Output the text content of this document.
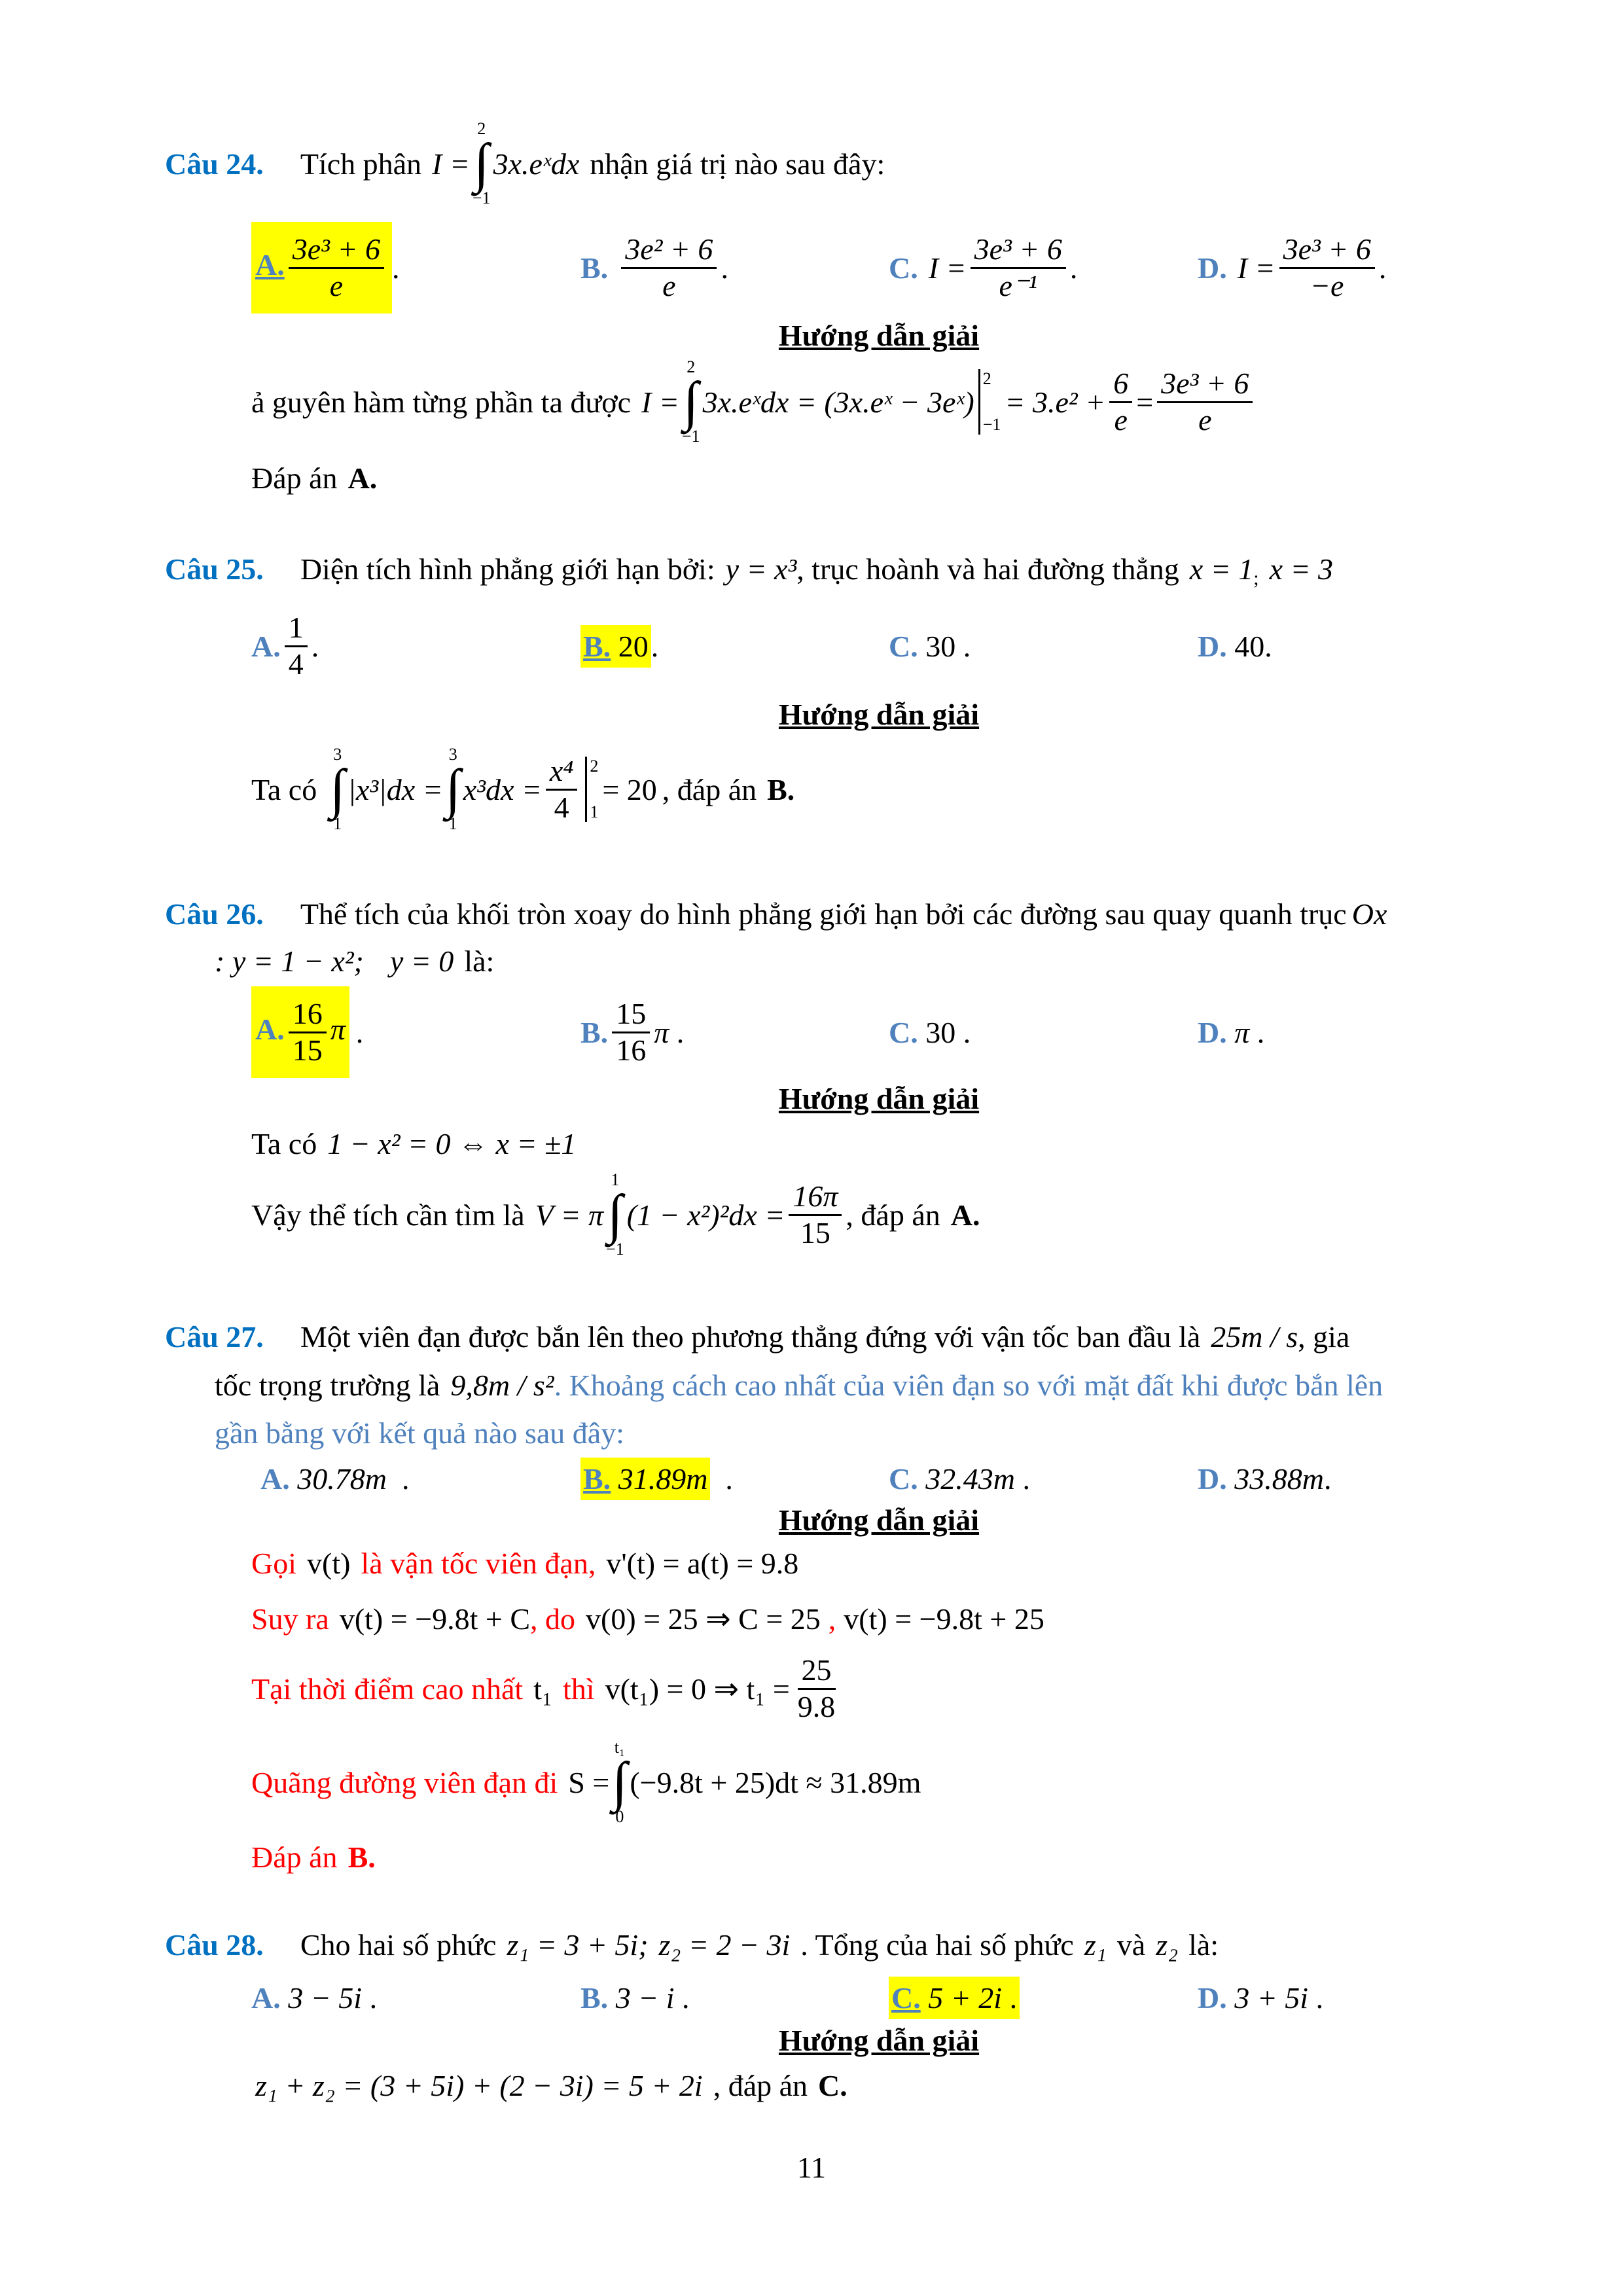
Câu 24. Tích phân I =
2
∫
−1
3x.eˣdx nhận giá trị nào sau đây:
A. $\frac{\text{3e³ + 6}}{e}$ .	B. $\frac{\text{3e² + 6}}{e}$ .	C. $I = \frac{\text{3e³ + 6}}{\text{e⁻¹}}$ .	D. $I = \frac{\text{3e³ + 6}}{-e}$ .
Hướng dẫn giải
ả guyên hàm từng phần ta được I =
2
∫
−1
3x.eˣdx = (3x.eˣ − 3eˣ)
2
−1
= $3.e^2 + \frac{6}{e} = \frac{\text{3e³ + 6}}{e}$
Đáp án A.
Câu 25. Diện tích hình phẳng giới hạn bởi: y = x³ , trục hoành và hai đường thẳng x = 1 ; x = 3
A. $\frac{1}{4}$ .	B. 20 .	C.
30
.	D.
40 .
Hướng dẫn giải
Ta có
3
∫
1
|x³|dx =
3
∫
1
$x^3dx = \frac{\text{x⁴}}{4} 2$
1
= 20 , đáp án B.
Câu 26. Thể tích của khối tròn xoay do hình phẳng giới hạn bởi các đường sau quay quanh trục Ox
: y = 1 − x²; y = 0 là:
A. $\frac{16}{15}$ π .	B. $\frac{15}{16}$ π
.	C.
30
.	D.
π
.
Hướng dẫn giải
Ta có 1 − x² = 0 ⇔ x = ±1
Vậy thể tích cần tìm là V = π
1
∫
−1
$(1 - x^2)^2dx = \frac{16\pi}{15}$ , đáp án A.
Câu 27. Một viên đạn được bắn lên theo phương thẳng đứng với vận tốc ban đầu là 25m / s , gia
tốc trọng trường là 9,8m / s² . Khoảng cách cao nhất của viên đạn so với mặt đất khi được bắn lên
gần bằng với kết quả nào sau đây:
A.
30.78m
.	B. 31.89m
.	C.
32.43m
.	D.
33.88m .
Hướng dẫn giải
Gọi v(t) là vận tốc viên đạn, v'(t) = a(t) = 9.8
Suy ra v(t) = −9.8t + C , do v(0) = 25 ⇒ C = 25 , v(t) = −9.8t + 25
Tại thời điểm cao nhất t₁ thì v(t₁) = 0 ⇒ $t_1 = \frac{25}{9.8}$
Quãng đường viên đạn đi S =
t₁
∫
0
(−9.8t + 25)dt ≈ 31.89m
Đáp án B.
Câu 28. Cho hai số phức z₁ = 3 + 5i; z₂ = 2 − 3i . Tổng của hai số phức z₁ và z₂ là:
A.
3 − 5i
.	B.
3 − i
.	C. 5 + 2i .	D.
3 + 5i
.
Hướng dẫn giải
z₁ + z₂ = (3 + 5i) + (2 − 3i) = 5 + 2i , đáp án C.
11
